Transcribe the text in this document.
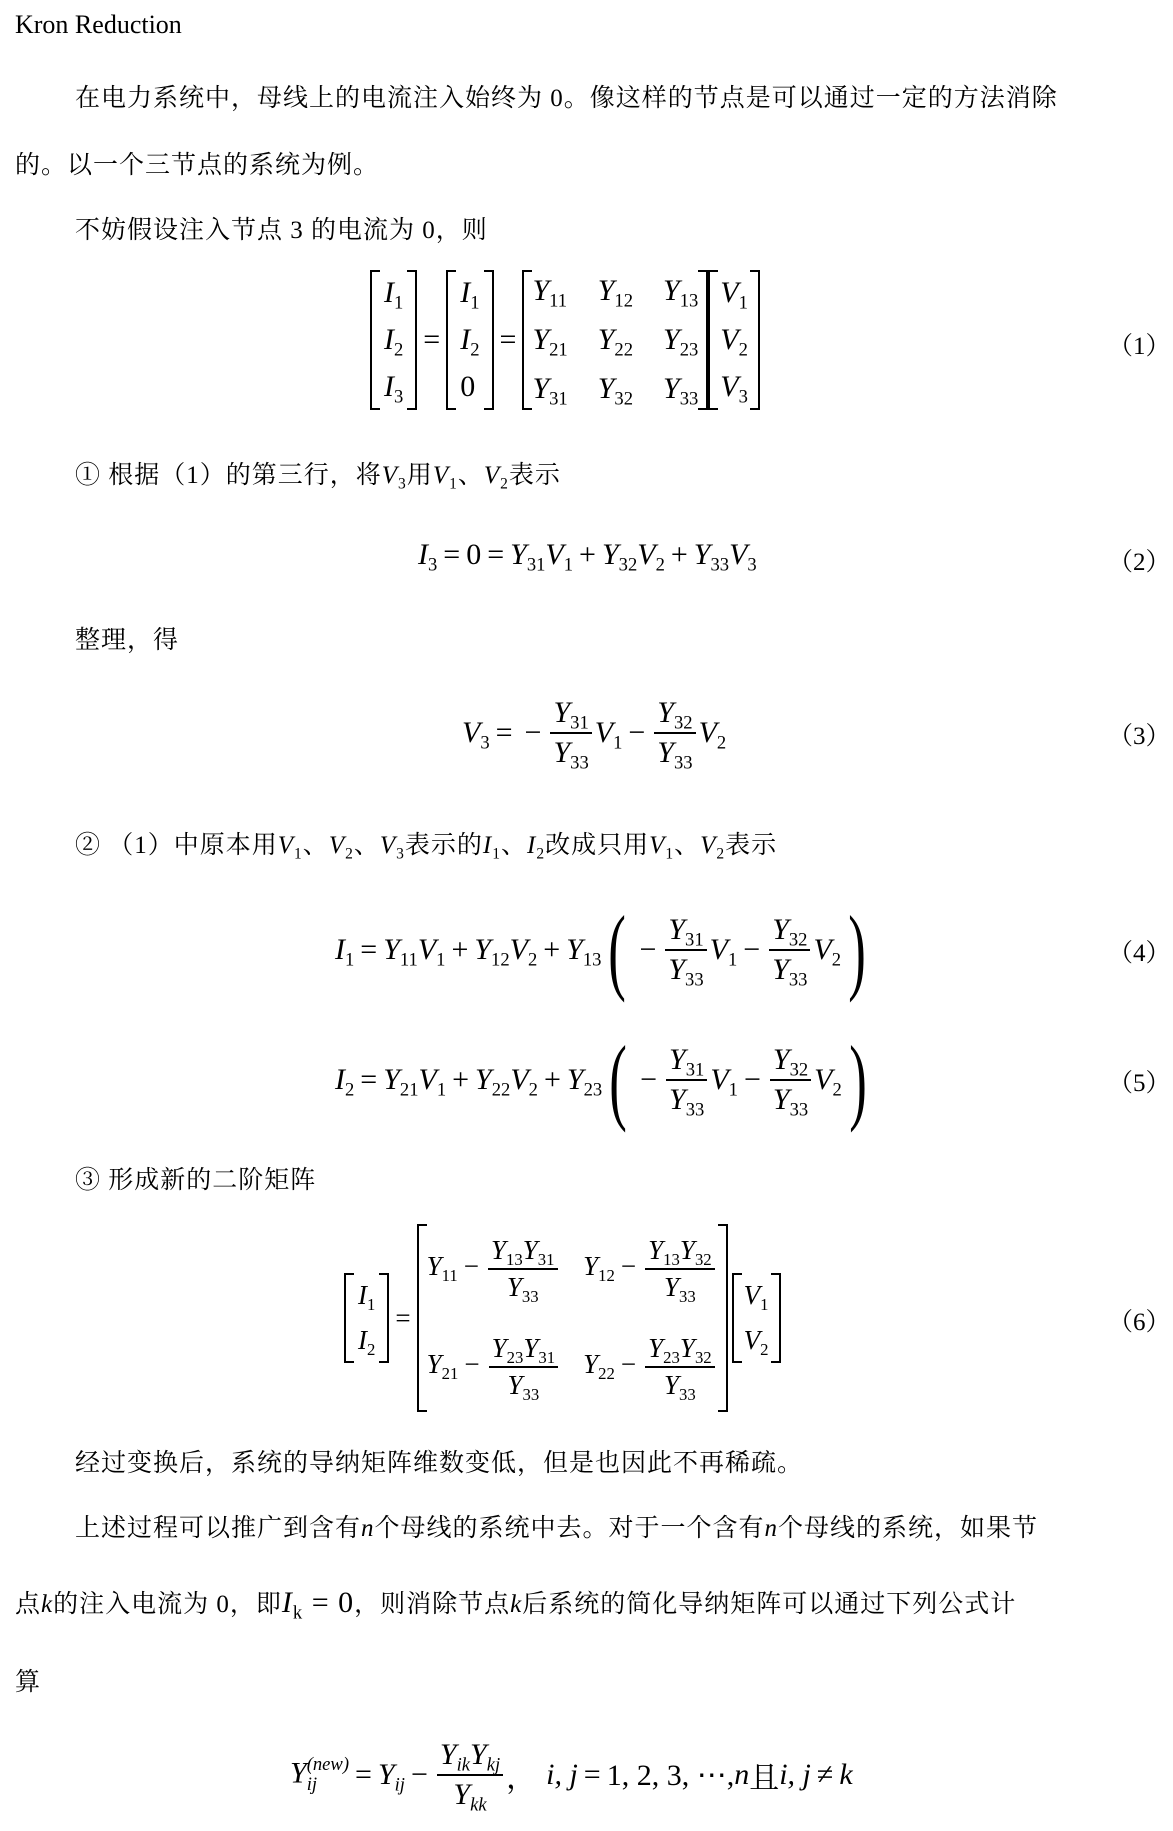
Kron Reduction
在电力系统中，母线上的电流注入始终为 0。像这样的节点是可以通过一定的方法消除
的。以一个三节点的系统为例。
不妨假设注入节点 3 的电流为 0，则
$I_1$
$I_2$
$I_3$
=
$I_1$
$I_2$
0
=
$Y_{11}$ $Y_{12}$ $Y_{13}$
$Y_{21}$ $Y_{22}$ $Y_{23}$
$Y_{31}$ $Y_{32}$ $Y_{33}$
$V_1$
$V_2$
$V_3$
（1）
① 根据（1）的第三行，将$V_3$用$V_1$、$V_2$表示
$I_3 = 0 = Y_{31}V_1 + Y_{32}V_2 + Y_{33}V_3$	（2）
整理，得
$V_3$ = − $\frac{Y_{31}}{Y_{33}} V_1 - \frac{Y_{32}}{Y_{33}} V_2$	（3）
② （1）中原本用$V_1$、$V_2$、$V_3$表示的$I_1$、$I_2$改成只用$V_1$、$V_2$表示
$I_1 = Y_{11}V_1 + Y_{12}V_2 + Y_{13}$ ( − $\frac{Y_{31}}{Y_{33}} V_1 - \frac{Y_{32}}{Y_{33}} V_2$ )	（4）
$I_2 = Y_{21}V_1 + Y_{22}V_2 + Y_{23}$ ( − $\frac{Y_{31}}{Y_{33}} V_1 - \frac{Y_{32}}{Y_{33}} V_2$ )	（5）
③ 形成新的二阶矩阵
$I_1$
$I_2$
=
$Y_{11} - \frac{Y_{13}Y_{31}}{Y_{33}} Y_{12} - \frac{Y_{13}Y_{32}}{Y_{33}}$
$Y_{21} - \frac{Y_{23}Y_{31}}{Y_{33}} Y_{22} - \frac{Y_{23}Y_{32}}{Y_{33}}$
$V_1$
$V_2$
（6）
经过变换后，系统的导纳矩阵维数变低，但是也因此不再稀疏。
上述过程可以推广到含有n个母线的系统中去。对于一个含有n个母线的系统，如果节
点k的注入电流为 0，即$I_k = 0$，则消除节点k后系统的简化导纳矩阵可以通过下列公式计
算
Y (new)
ij	= $Y_{ij} - \frac{Y_{ik}Y_{kj}}{Y_{kk}}$ ， i, j = 1, 2, 3, ⋯, n 且 i, j ≠ k
